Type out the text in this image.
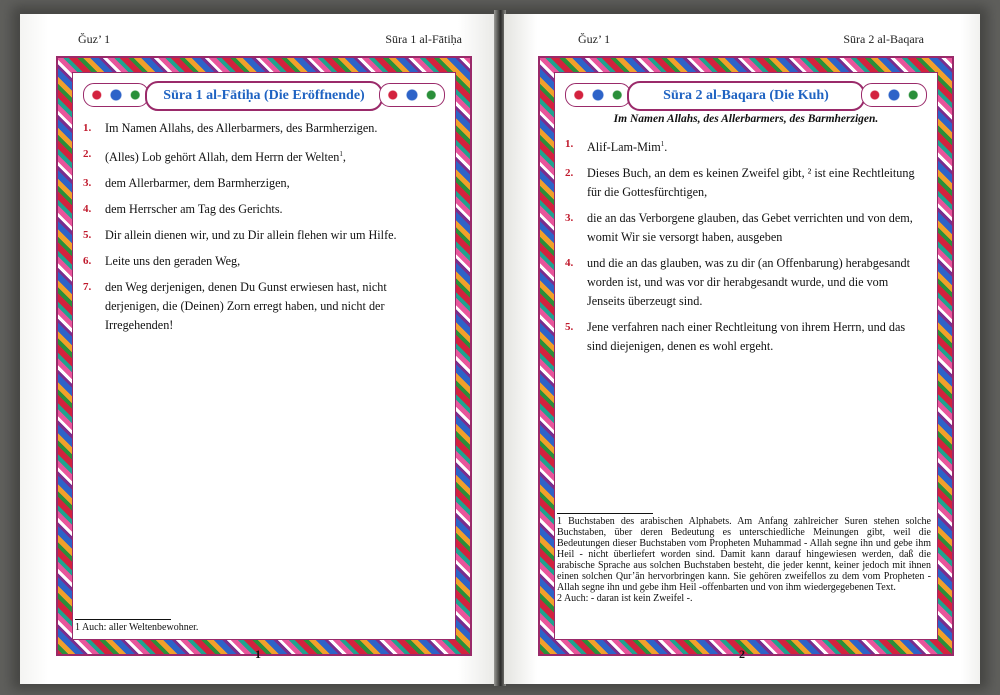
Ğuz’ 1	Sūra 1 al-Fātiḥa
Sūra 1 al-Fātiḥa (Die Eröffnende)
1.	Im Namen Allahs, des Allerbarmers, des Barmherzigen.
2.	(Alles) Lob gehört Allah, dem Herrn der Welten$^1$,
3.	dem Allerbarmer, dem Barmherzigen,
4.	dem Herrscher am Tag des Gerichts.
5.	Dir allein dienen wir, und zu Dir allein flehen wir um Hilfe.
6.	Leite uns den geraden Weg,
7.	den Weg derjenigen, denen Du Gunst erwiesen hast, nicht derjenigen, die (Deinen) Zorn erregt haben, und nicht der Irregehenden!
1 Auch: aller Weltenbewohner.
1
Ğuz’ 1	Sūra 2 al-Baqara
Sūra 2 al-Baqara (Die Kuh)
Im Namen Allahs, des Allerbarmers, des Barmherzigen.
1.	Alif-Lam-Mim$^1$.
2.	Dieses Buch, an dem es keinen Zweifel gibt, ² ist eine Rechtleitung für die Gottesfürchtigen,
3.	die an das Verborgene glauben, das Gebet verrichten und von dem, womit Wir sie versorgt haben, ausgeben
4.	und die an das glauben, was zu dir (an Offenbarung) herabgesandt worden ist, und was vor dir herabgesandt wurde, und die vom Jenseits überzeugt sind.
5.	Jene verfahren nach einer Rechtleitung von ihrem Herrn, und das sind diejenigen, denen es wohl ergeht.
1 Buchstaben des arabischen Alphabets. Am Anfang zahlreicher Suren stehen solche Buchstaben, über deren Bedeutung es unterschiedliche Meinungen gibt, weil die Bedeutungen dieser Buchstaben vom Propheten Muhammad - Allah segne ihn und gebe ihm Heil - nicht überliefert worden sind. Damit kann darauf hingewiesen werden, daß die arabische Sprache aus solchen Buchstaben besteht, die jeder kennt, keiner jedoch mit ihnen einen solchen Qur’ān hervorbringen kann. Sie gehören zweifellos zu dem vom Propheten - Allah segne ihn und gebe ihm Heil -offenbarten und von ihm wiedergegebenen Text.
2 Auch: - daran ist kein Zweifel -.
2
